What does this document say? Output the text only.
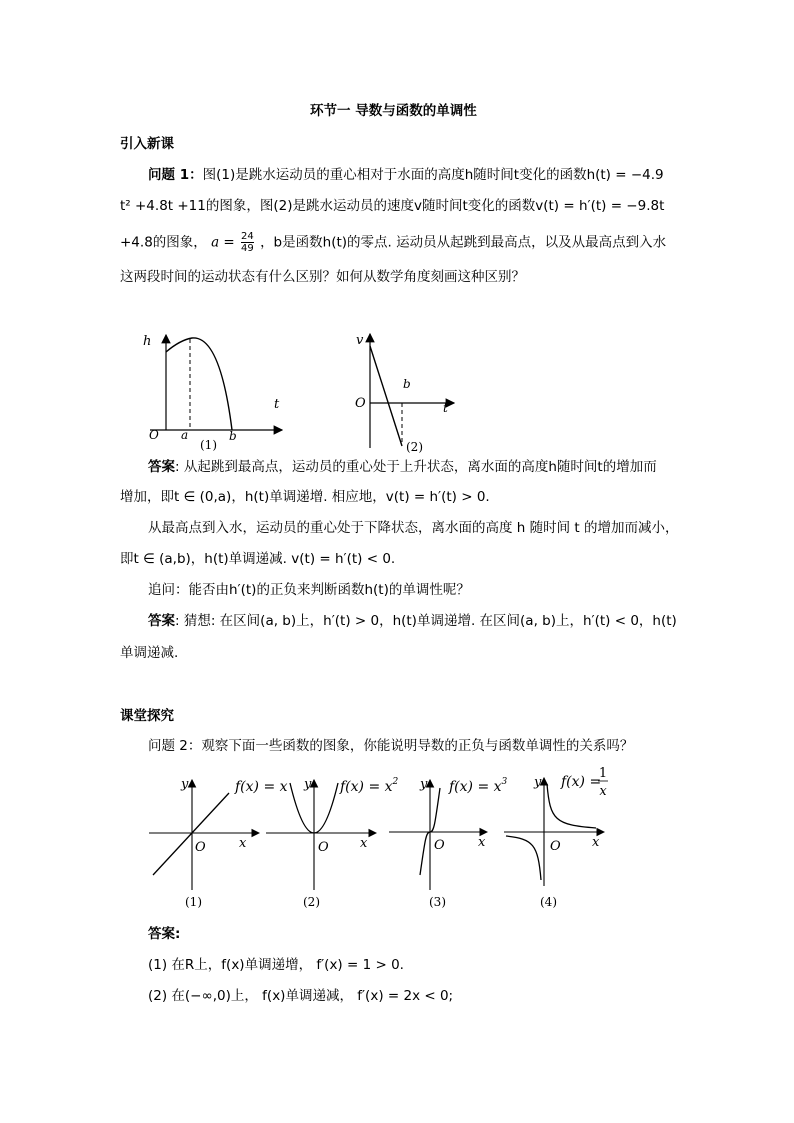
环节一 导数与函数的单调性
引入新课
问题 1：图(1)是跳水运动员的重心相对于水面的高度h随时间t变化的函数h(t) = −4.9
t² +4.8t +11的图象，图(2)是跳水运动员的速度v随时间t变化的函数v(t) = h′(t) = −9.8t
+4.8的图象， $a = \frac{24}{49}$ ，b是函数h(t)的零点. 运动员从起跳到最高点，以及从最高点到入水
这两段时间的运动状态有什么区别？如何从数学角度刻画这种区别？
h
t
O a	b
(1)
v
t
O
b
(2)
答案: 从起跳到最高点，运动员的重心处于上升状态，离水面的高度h随时间t的增加而
增加，即t ∈ (0,a)，h(t)单调递增. 相应地，v(t) = h′(t) > 0.
从最高点到入水，运动员的重心处于下降状态，离水面的高度 h 随时间 t 的增加而减小，
即t ∈ (a,b)，h(t)单调递减. v(t) = h′(t) < 0.
追问：能否由h′(t)的正负来判断函数h(t)的单调性呢？
答案: 猜想: 在区间(a, b)上，h′(t) > 0，h(t)单调递增. 在区间(a, b)上，h′(t) < 0，h(t)
单调递减.
课堂探究
问题 2：观察下面一些函数的图象，你能说明导数的正负与函数单调性的关系吗？
y	f(x) = x
O	x
(1)
y $f(x) = x^2$
O x
(2)
y $f(x) = x^3$
O	x
(3)
y f(x) =
1
x
O x
(4)
答案:
(1) 在R上，f(x)单调递增， f′(x) = 1 > 0.
(2) 在(−∞,0)上， f(x)单调递减， f′(x) = 2x < 0;
